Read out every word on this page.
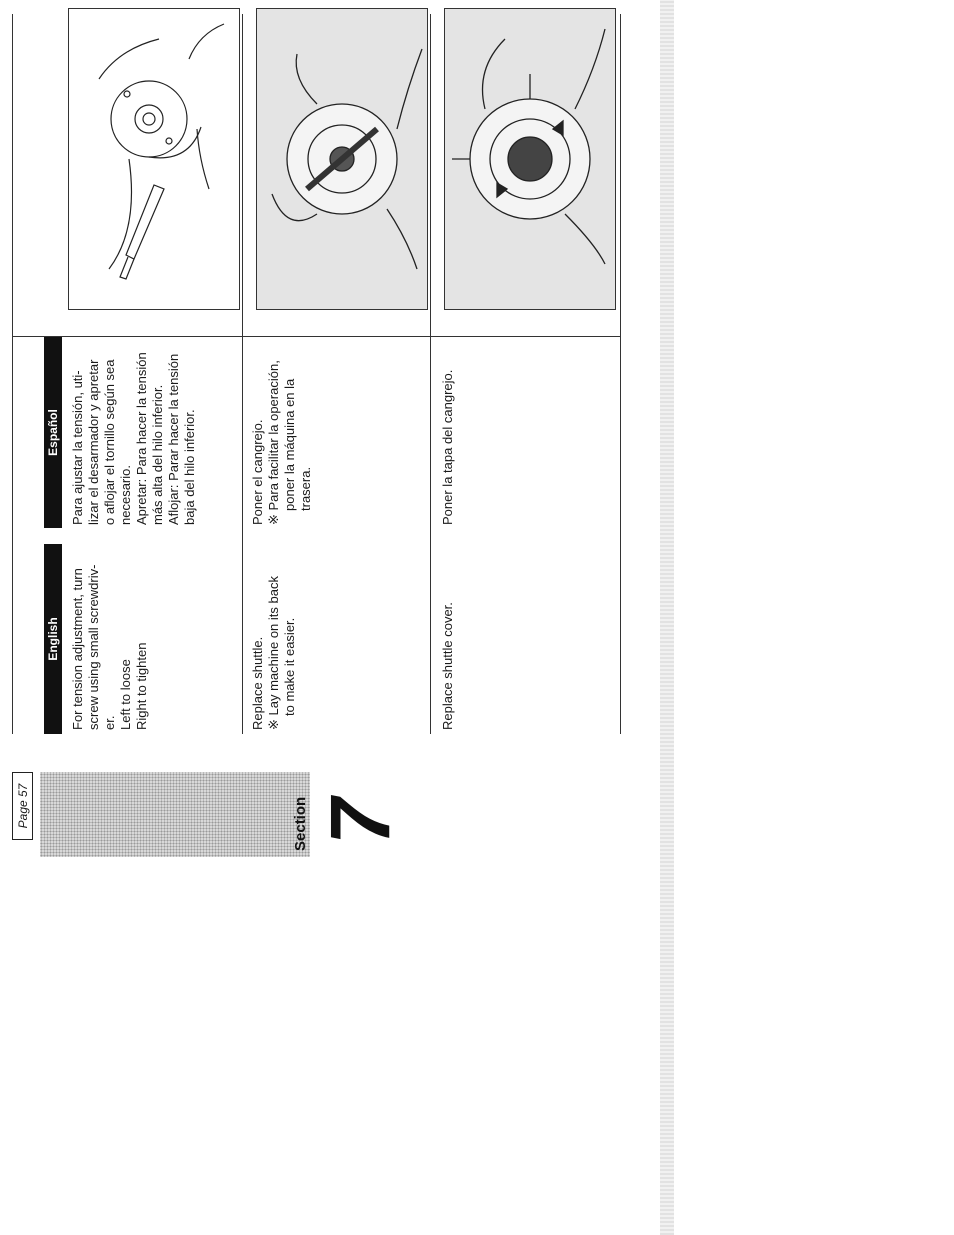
Page 57	Section 7
English
Español

For tension adjustment, turn screw using small screwdriv- er. Left to loose Right to tighten

Para ajustar la tensión, uti- lizar el desarmador y apretar o aflojar el tornillo según sea necesario. Apretar: Para hacer la tensión más alta del hilo inferior. Aflojar: Parar hacer la tensión baja del hilo inferior.

Replace shuttle. ※ Lay machine on its back to make it easier.

Poner el cangrejo. ※ Para facilitar la operación, poner la máquina en la trasera.

Replace shuttle cover.

Poner la tapa del cangrejo.
